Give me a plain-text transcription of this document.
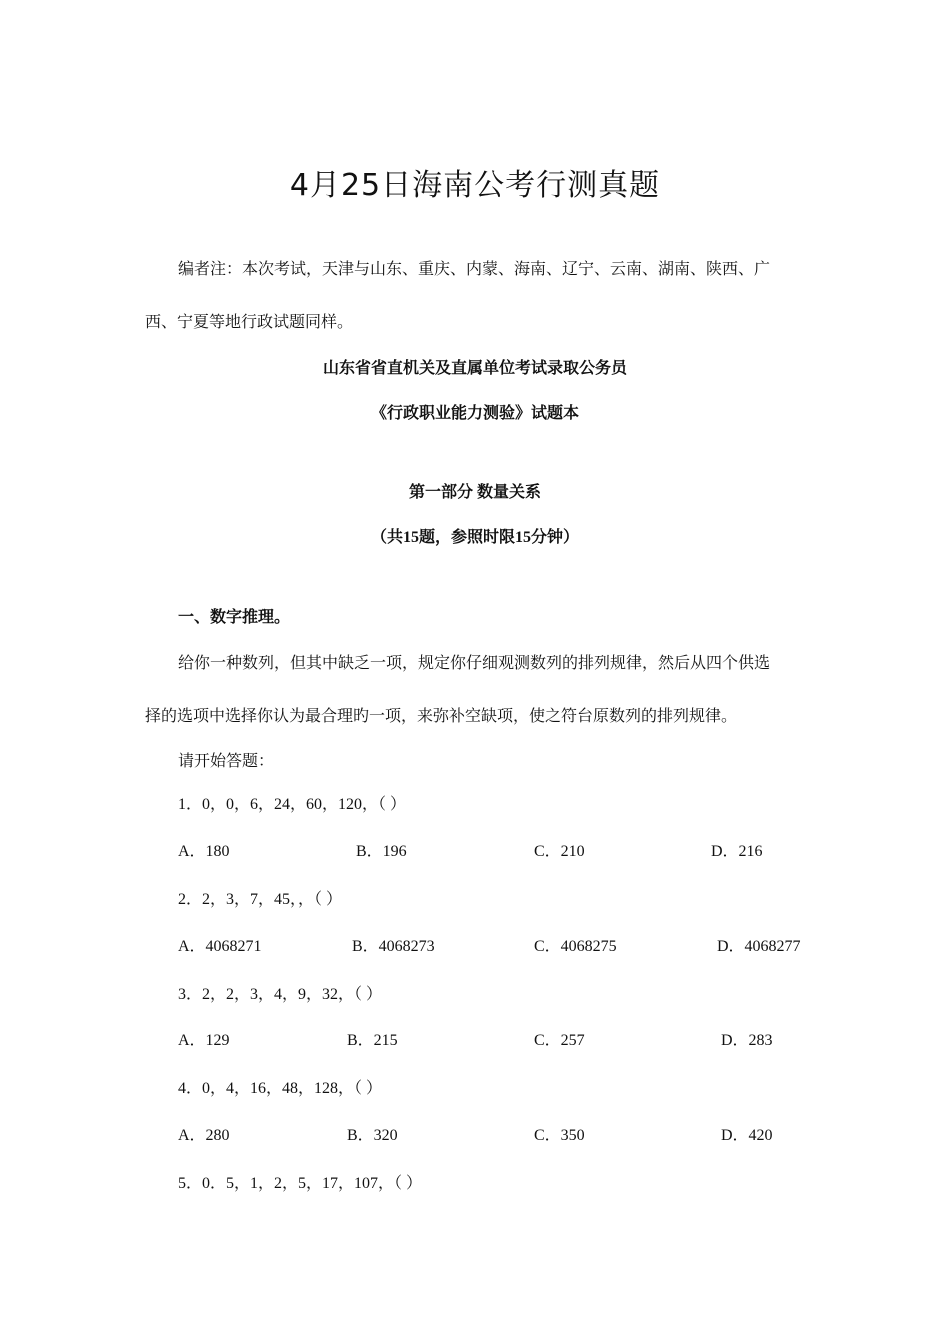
4月25日海南公考行测真题
编者注：本次考试，天津与山东、重庆、内蒙、海南、辽宁、云南、湖南、陕西、广
西、宁夏等地行政试题同样。
山东省省直机关及直属单位考试录取公务员
《行政职业能力测验》试题本
第一部分 数量关系
（共15题，参照时限15分钟）
一、数字推理。
给你一种数列，但其中缺乏一项，规定你仔细观测数列的排列规律，然后从四个供选
择的选项中选择你认为最合理旳一项，来弥补空缺项，使之符台原数列的排列规律。
请开始答题：
1．0，0，6，24，60，120，（ ）
A．180	B．196	C．210	D．216
2．2，3，7，45，，（ ）
A．4068271	B．4068273	C．4068275	D．4068277
3．2，2，3，4，9，32，（ ）
A．129	B．215	C．257	D．283
4．0，4，16，48，128，（ ）
A．280	B．320	C．350	D．420
5．0．5，1，2，5，17，107，（ ）
